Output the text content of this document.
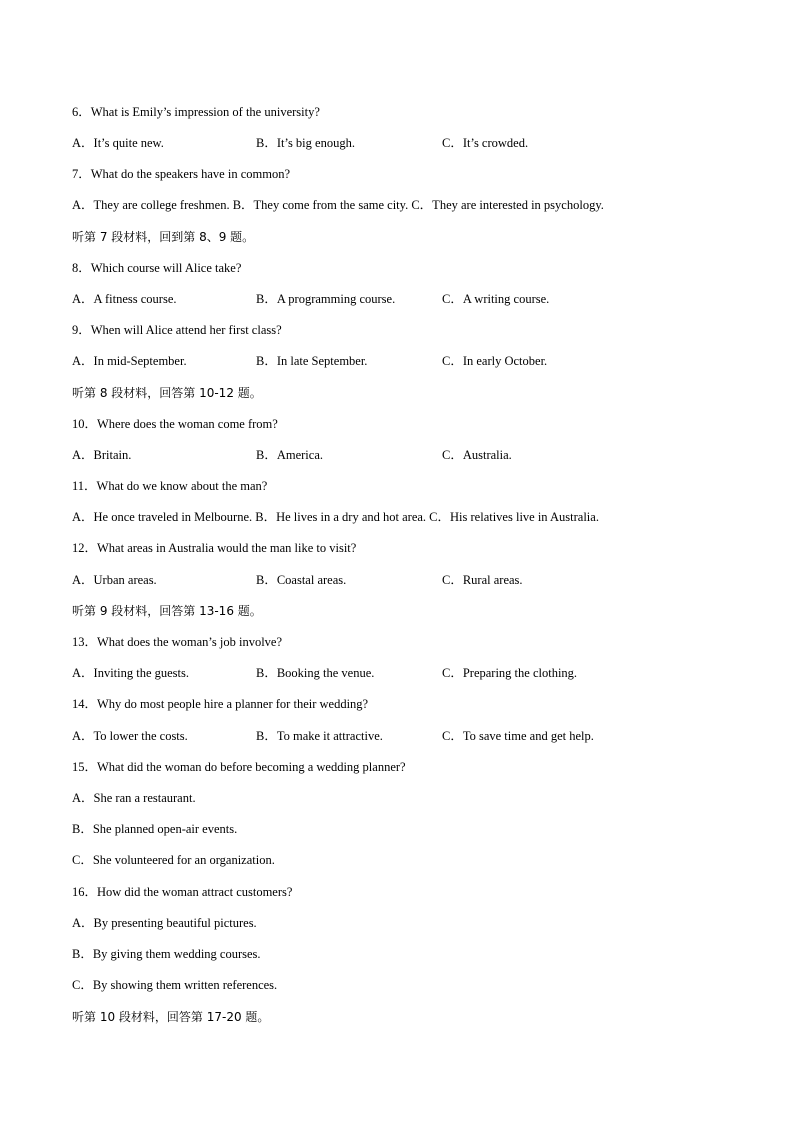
6．What is Emily’s impression of the university?
A．It’s quite new.	B．It’s big enough.	C．It’s crowded.
7．What do the speakers have in common?
A．They are college freshmen. B．They come from the same city. C．They are interested in psychology.
听第 7 段材料，回到第 8、9 题。
8．Which course will Alice take?
A．A fitness course.	B．A programming course.	C．A writing course.
9．When will Alice attend her first class?
A．In mid-September.	B．In late September.	C．In early October.
听第 8 段材料，回答第 10-12 题。
10．Where does the woman come from?
A．Britain.	B．America.	C．Australia.
11．What do we know about the man?
A．He once traveled in Melbourne. B．He lives in a dry and hot area. C．His relatives live in Australia.
12．What areas in Australia would the man like to visit?
A．Urban areas.	B．Coastal areas.	C．Rural areas.
听第 9 段材料，回答第 13-16 题。
13．What does the woman’s job involve?
A．Inviting the guests.	B．Booking the venue.	C．Preparing the clothing.
14．Why do most people hire a planner for their wedding?
A．To lower the costs.	B．To make it attractive.	C．To save time and get help.
15．What did the woman do before becoming a wedding planner?
A．She ran a restaurant.
B．She planned open-air events.
C．She volunteered for an organization.
16．How did the woman attract customers?
A．By presenting beautiful pictures.
B．By giving them wedding courses.
C．By showing them written references.
听第 10 段材料，回答第 17-20 题。
